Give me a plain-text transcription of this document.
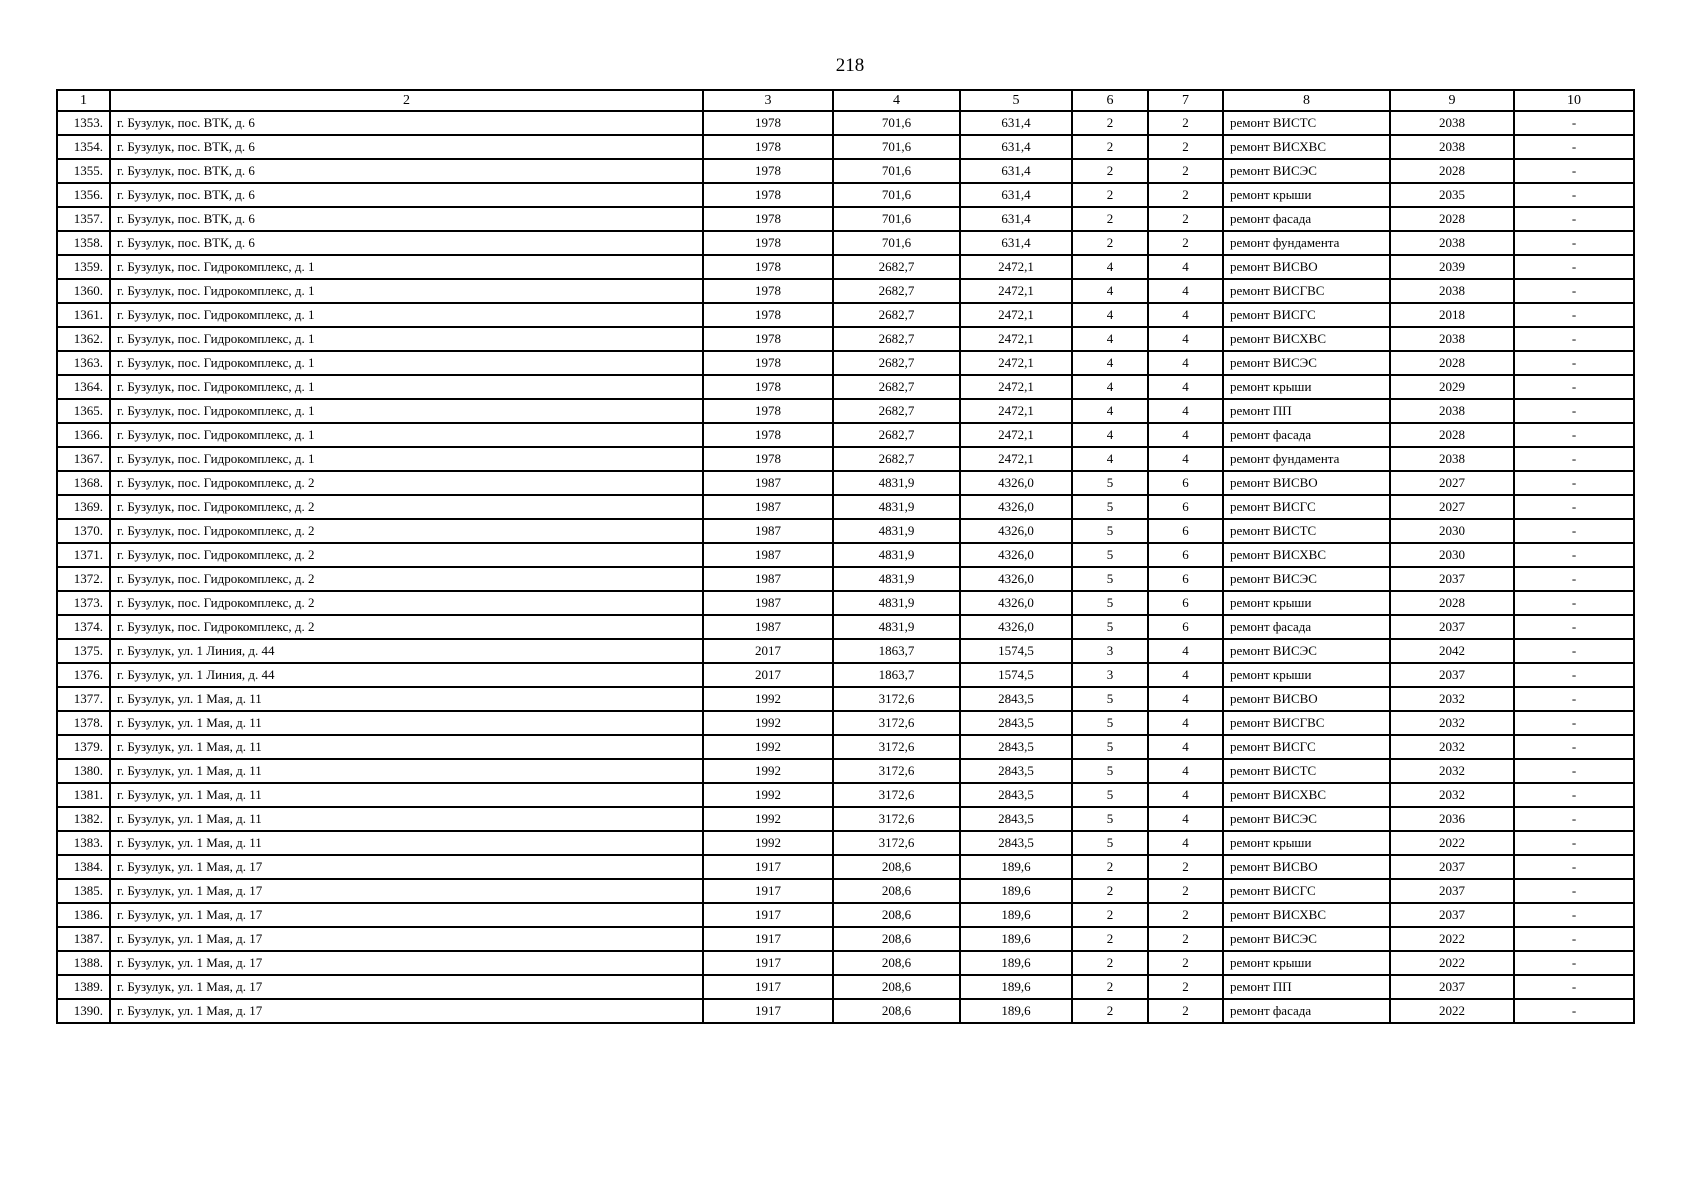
218
1	2	3	4	5	6	7	8	9	10
1353.	г. Бузулук, пос. ВТК, д. 6	1978	701,6	631,4	2	2	ремонт ВИСТС	2038	-
1354.	г. Бузулук, пос. ВТК, д. 6	1978	701,6	631,4	2	2	ремонт ВИСХВС	2038	-
1355.	г. Бузулук, пос. ВТК, д. 6	1978	701,6	631,4	2	2	ремонт ВИСЭС	2028	-
1356.	г. Бузулук, пос. ВТК, д. 6	1978	701,6	631,4	2	2	ремонт крыши	2035	-
1357.	г. Бузулук, пос. ВТК, д. 6	1978	701,6	631,4	2	2	ремонт фасада	2028	-
1358.	г. Бузулук, пос. ВТК, д. 6	1978	701,6	631,4	2	2	ремонт фундамента	2038	-
1359.	г. Бузулук, пос. Гидрокомплекс, д. 1	1978	2682,7	2472,1	4	4	ремонт ВИСВО	2039	-
1360.	г. Бузулук, пос. Гидрокомплекс, д. 1	1978	2682,7	2472,1	4	4	ремонт ВИСГВС	2038	-
1361.	г. Бузулук, пос. Гидрокомплекс, д. 1	1978	2682,7	2472,1	4	4	ремонт ВИСГС	2018	-
1362.	г. Бузулук, пос. Гидрокомплекс, д. 1	1978	2682,7	2472,1	4	4	ремонт ВИСХВС	2038	-
1363.	г. Бузулук, пос. Гидрокомплекс, д. 1	1978	2682,7	2472,1	4	4	ремонт ВИСЭС	2028	-
1364.	г. Бузулук, пос. Гидрокомплекс, д. 1	1978	2682,7	2472,1	4	4	ремонт крыши	2029	-
1365.	г. Бузулук, пос. Гидрокомплекс, д. 1	1978	2682,7	2472,1	4	4	ремонт ПП	2038	-
1366.	г. Бузулук, пос. Гидрокомплекс, д. 1	1978	2682,7	2472,1	4	4	ремонт фасада	2028	-
1367.	г. Бузулук, пос. Гидрокомплекс, д. 1	1978	2682,7	2472,1	4	4	ремонт фундамента	2038	-
1368.	г. Бузулук, пос. Гидрокомплекс, д. 2	1987	4831,9	4326,0	5	6	ремонт ВИСВО	2027	-
1369.	г. Бузулук, пос. Гидрокомплекс, д. 2	1987	4831,9	4326,0	5	6	ремонт ВИСГС	2027	-
1370.	г. Бузулук, пос. Гидрокомплекс, д. 2	1987	4831,9	4326,0	5	6	ремонт ВИСТС	2030	-
1371.	г. Бузулук, пос. Гидрокомплекс, д. 2	1987	4831,9	4326,0	5	6	ремонт ВИСХВС	2030	-
1372.	г. Бузулук, пос. Гидрокомплекс, д. 2	1987	4831,9	4326,0	5	6	ремонт ВИСЭС	2037	-
1373.	г. Бузулук, пос. Гидрокомплекс, д. 2	1987	4831,9	4326,0	5	6	ремонт крыши	2028	-
1374.	г. Бузулук, пос. Гидрокомплекс, д. 2	1987	4831,9	4326,0	5	6	ремонт фасада	2037	-
1375.	г. Бузулук, ул. 1 Линия, д. 44	2017	1863,7	1574,5	3	4	ремонт ВИСЭС	2042	-
1376.	г. Бузулук, ул. 1 Линия, д. 44	2017	1863,7	1574,5	3	4	ремонт крыши	2037	-
1377.	г. Бузулук, ул. 1 Мая, д. 11	1992	3172,6	2843,5	5	4	ремонт ВИСВО	2032	-
1378.	г. Бузулук, ул. 1 Мая, д. 11	1992	3172,6	2843,5	5	4	ремонт ВИСГВС	2032	-
1379.	г. Бузулук, ул. 1 Мая, д. 11	1992	3172,6	2843,5	5	4	ремонт ВИСГС	2032	-
1380.	г. Бузулук, ул. 1 Мая, д. 11	1992	3172,6	2843,5	5	4	ремонт ВИСТС	2032	-
1381.	г. Бузулук, ул. 1 Мая, д. 11	1992	3172,6	2843,5	5	4	ремонт ВИСХВС	2032	-
1382.	г. Бузулук, ул. 1 Мая, д. 11	1992	3172,6	2843,5	5	4	ремонт ВИСЭС	2036	-
1383.	г. Бузулук, ул. 1 Мая, д. 11	1992	3172,6	2843,5	5	4	ремонт крыши	2022	-
1384.	г. Бузулук, ул. 1 Мая, д. 17	1917	208,6	189,6	2	2	ремонт ВИСВО	2037	-
1385.	г. Бузулук, ул. 1 Мая, д. 17	1917	208,6	189,6	2	2	ремонт ВИСГС	2037	-
1386.	г. Бузулук, ул. 1 Мая, д. 17	1917	208,6	189,6	2	2	ремонт ВИСХВС	2037	-
1387.	г. Бузулук, ул. 1 Мая, д. 17	1917	208,6	189,6	2	2	ремонт ВИСЭС	2022	-
1388.	г. Бузулук, ул. 1 Мая, д. 17	1917	208,6	189,6	2	2	ремонт крыши	2022	-
1389.	г. Бузулук, ул. 1 Мая, д. 17	1917	208,6	189,6	2	2	ремонт ПП	2037	-
1390.	г. Бузулук, ул. 1 Мая, д. 17	1917	208,6	189,6	2	2	ремонт фасада	2022	-
